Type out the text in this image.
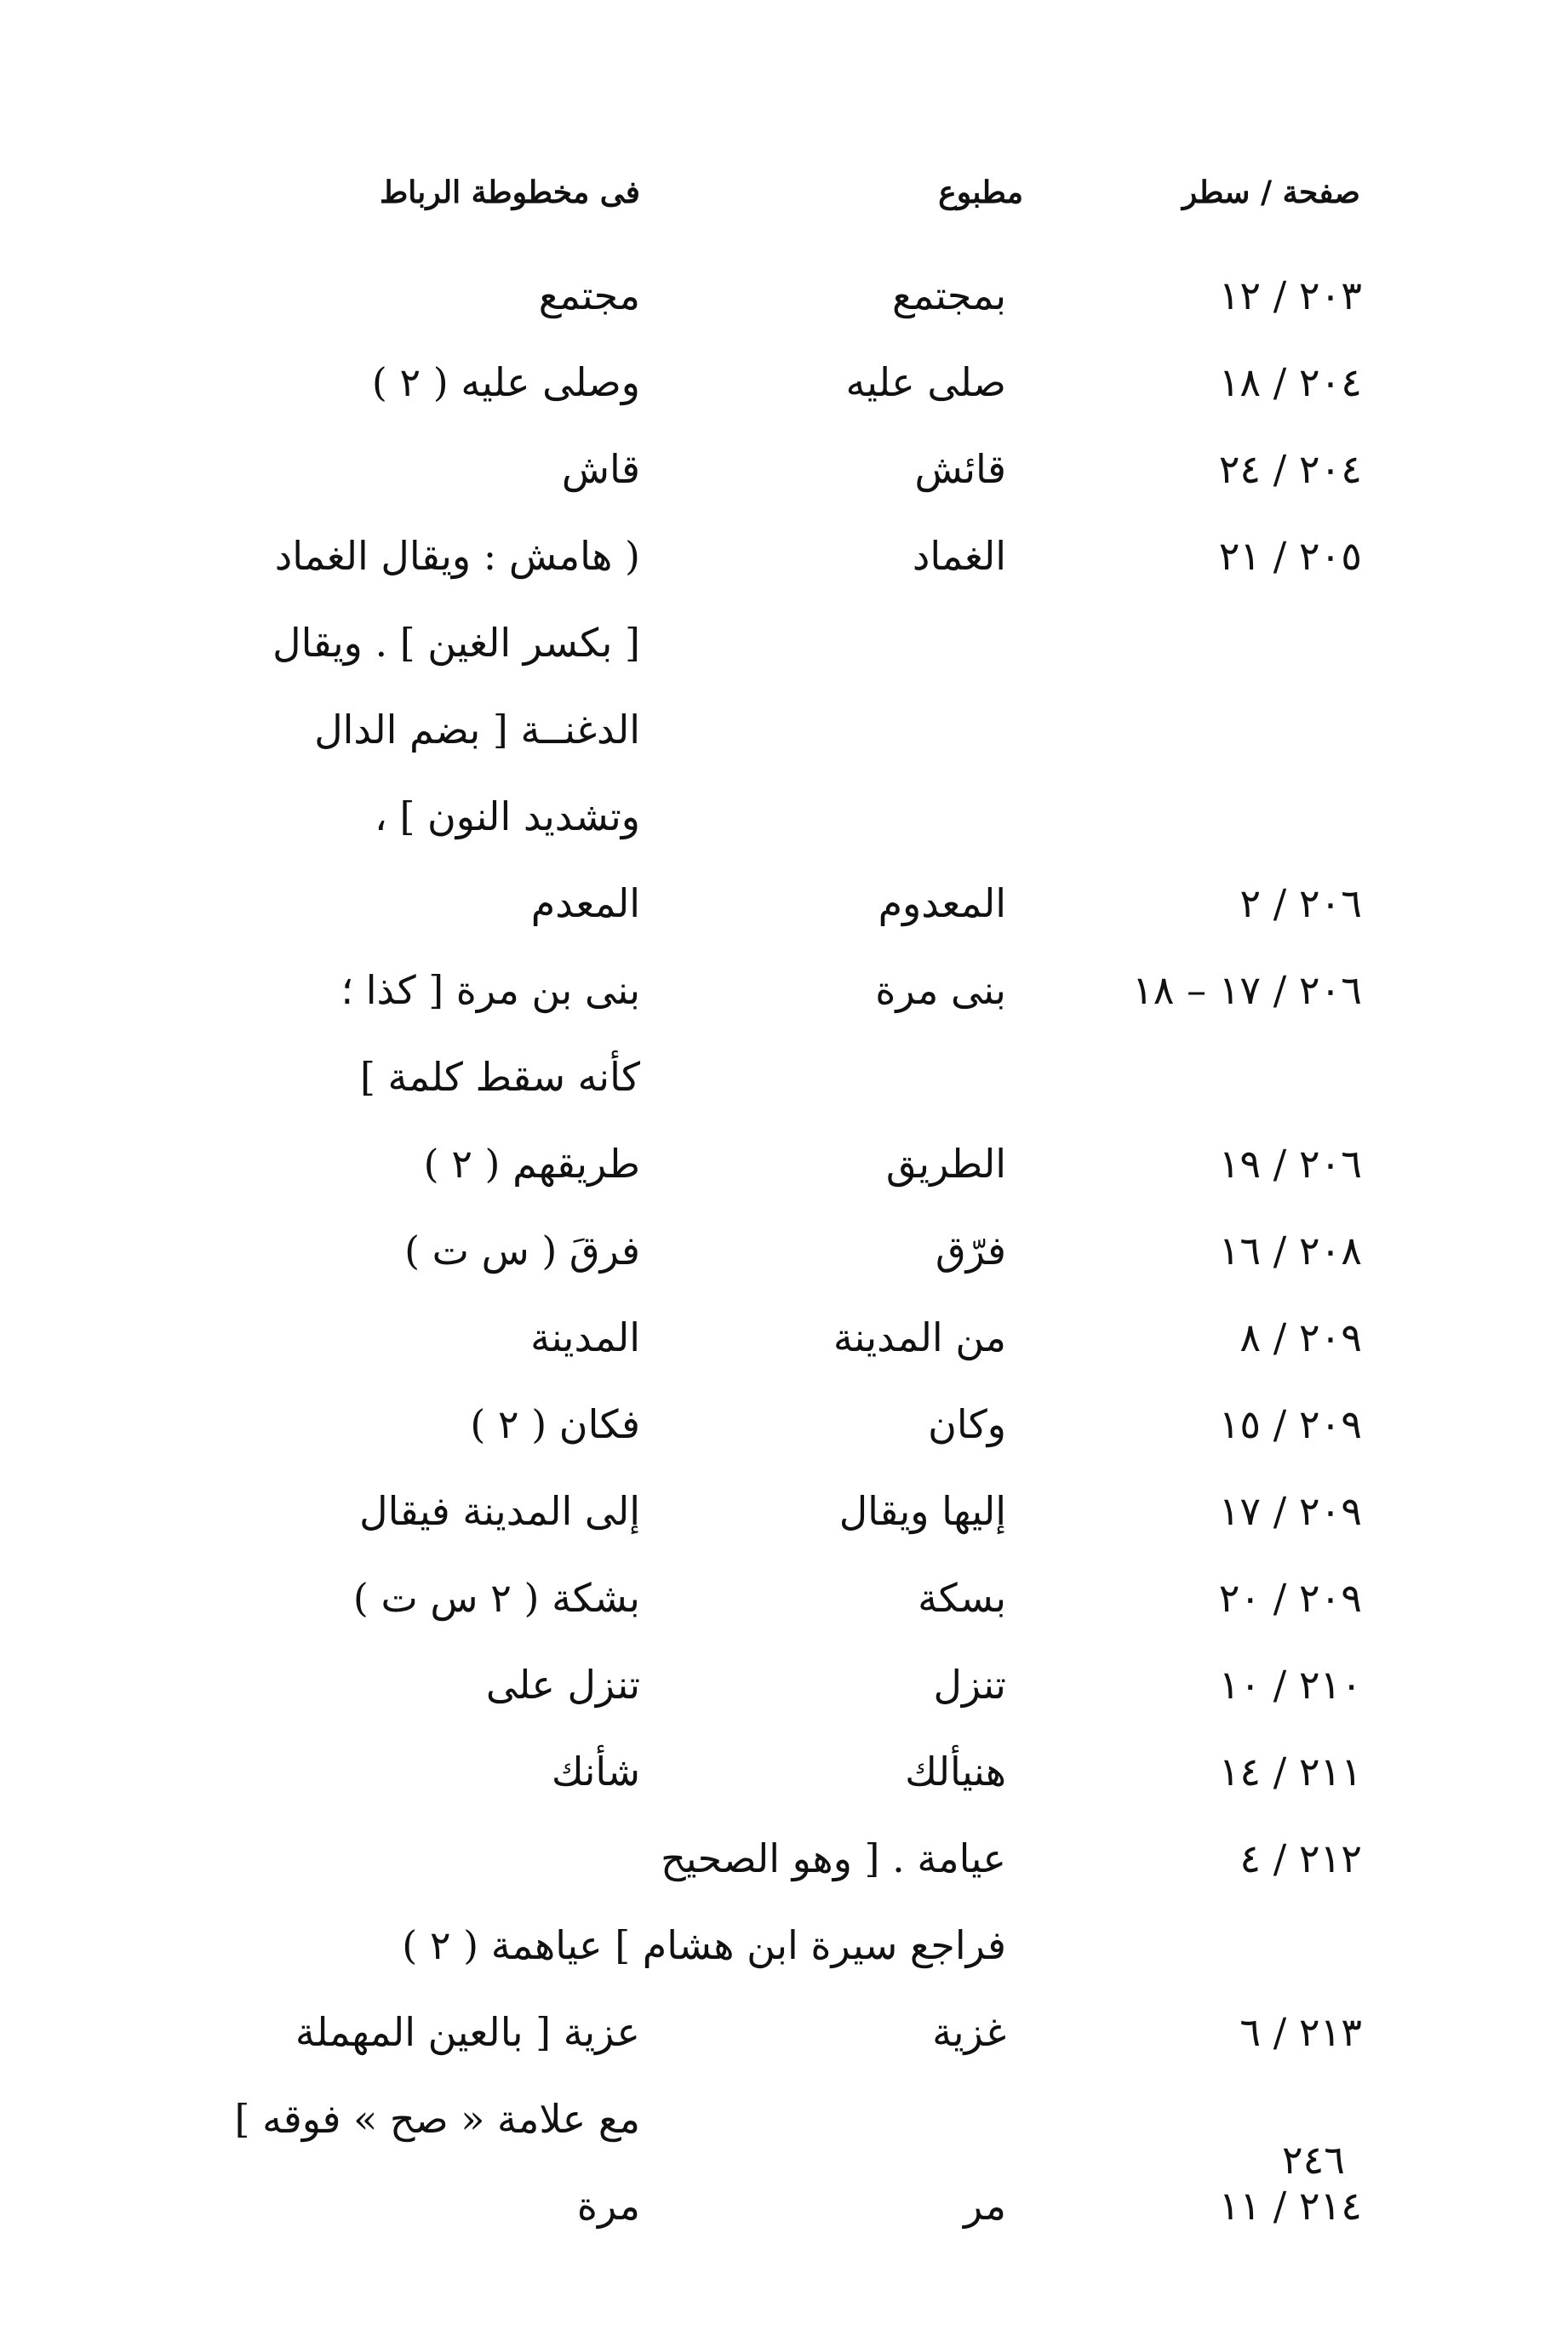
صفحة / سطر
مطبوع
فى مخطوطة الرباط
٢٠٣ / ١٢
بمجتمع
مجتمع
٢٠٤ / ١٨
صلى عليه
وصلى عليه ( ٢ )
٢٠٤ / ٢٤
قائش
قاش
٢٠٥ / ٢١
الغماد
( هامش : ويقال الغماد
[ بكسر الغين ] . ويقال
الدغنــة [ بضم الدال
وتشديد النون ] ،
٢٠٦ / ٢
المعدوم
المعدم
٢٠٦ / ١٧ – ١٨
بنى مرة
بنى بن مرة [ كذا ؛
كأنه سقط كلمة ]
٢٠٦ / ١٩
الطريق
طريقهم ( ٢ )
٢٠٨ / ١٦
فرّق
فرقَ ( س ت )
٢٠٩ / ٨
من المدينة
المدينة
٢٠٩ / ١٥
وكان
فكان ( ٢ )
٢٠٩ / ١٧
إليها ويقال
إلى المدينة فيقال
٢٠٩ / ٢٠
بسكة
بشكة ( ٢ س ت )
٢١٠ / ١٠
تنزل
تنزل على
٢١١ / ١٤
هنيألك
شأنك
٢١٢ / ٤
عيامة . [ وهو الصحيح
فراجع سيرة ابن هشام ] عياهمة ( ٢ )
٢١٣ / ٦
غزية
عزية [ بالعين المهملة
مع علامة « صح » فوقه ]
٢١٤ / ١١
مر
مرة
٢٤٦
